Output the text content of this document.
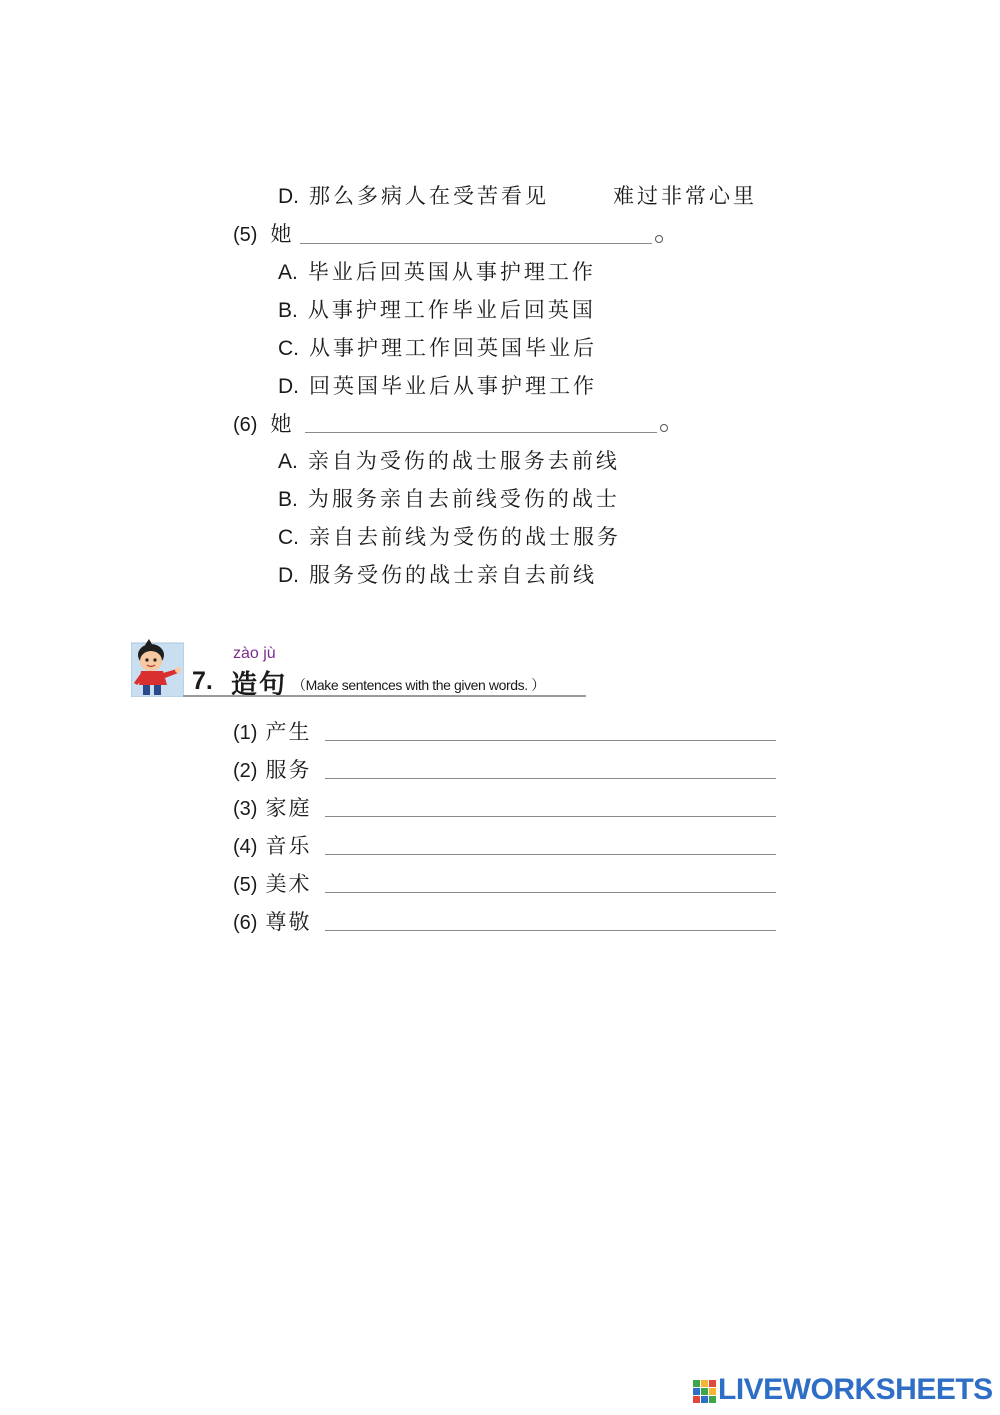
D. 那么多病人在受苦看见	难过非常心里
(5) 她
A. 毕业后回英国从事护理工作
B. 从事护理工作毕业后回英国
C. 从事护理工作回英国毕业后
D. 回英国毕业后从事护理工作
(6) 她
A. 亲自为受伤的战士服务去前线
B. 为服务亲自去前线受伤的战士
C. 亲自去前线为受伤的战士服务
D. 服务受伤的战士亲自去前线
zào jù
7. 造句 （Make sentences with the given words. ）
(1) 产生
(2) 服务
(3) 家庭
(4) 音乐
(5) 美术
(6) 尊敬
LIVEWORKSHEETS
